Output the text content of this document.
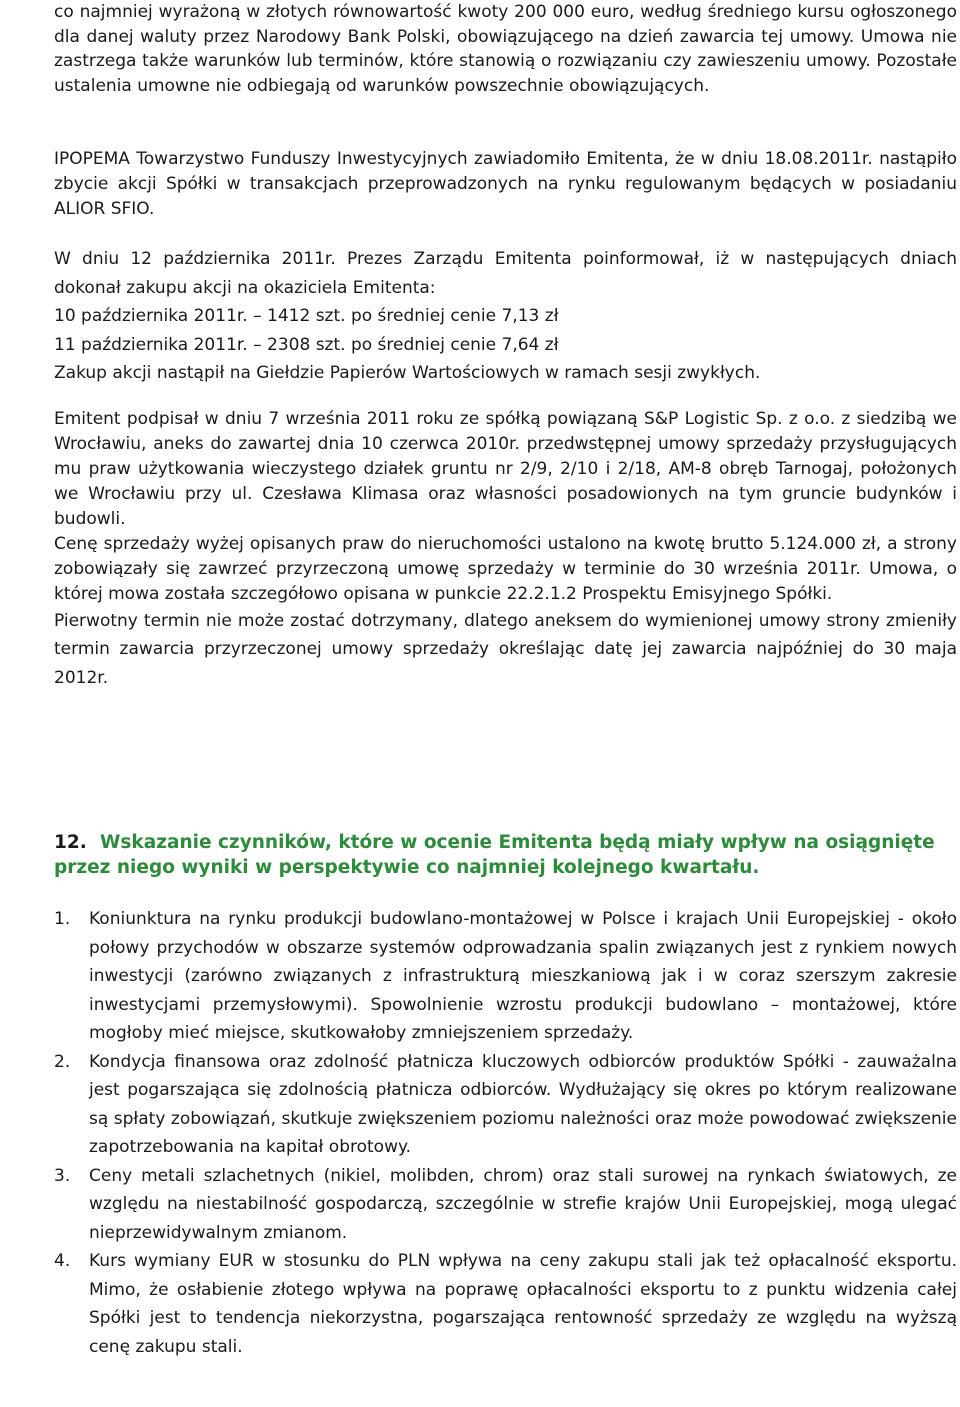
co najmniej wyrażoną w złotych równowartość kwoty 200 000 euro, według średniego kursu ogłoszonego dla danej waluty przez Narodowy Bank Polski, obowiązującego na dzień zawarcia tej umowy. Umowa nie zastrzega także warunków lub terminów, które stanowią o rozwiązaniu czy zawieszeniu umowy. Pozostałe ustalenia umowne nie odbiegają od warunków powszechnie obowiązujących.

IPOPEMA Towarzystwo Funduszy Inwestycyjnych zawiadomiło Emitenta, że w dniu 18.08.2011r. nastąpiło zbycie akcji Spółki w transakcjach przeprowadzonych na rynku regulowanym będących w posiadaniu ALIOR SFIO.

W dniu 12 października 2011r. Prezes Zarządu Emitenta poinformował, iż w następujących dniach dokonał zakupu akcji na okaziciela Emitenta:

10 października 2011r. – 1412 szt. po średniej cenie 7,13 zł

11 października 2011r. – 2308 szt. po średniej cenie 7,64 zł

Zakup akcji nastąpił na Giełdzie Papierów Wartościowych w ramach sesji zwykłych.

Emitent podpisał w dniu 7 września 2011 roku ze spółką powiązaną S&P Logistic Sp. z o.o. z siedzibą we Wrocławiu, aneks do zawartej dnia 10 czerwca 2010r. przedwstępnej umowy sprzedaży przysługujących mu praw użytkowania wieczystego działek gruntu nr 2/9, 2/10 i 2/18, AM-8 obręb Tarnogaj, położonych we Wrocławiu przy ul. Czesława Klimasa oraz własności posadowionych na tym gruncie budynków i budowli.

Cenę sprzedaży wyżej opisanych praw do nieruchomości ustalono na kwotę brutto 5.124.000 zł, a strony zobowiązały się zawrzeć przyrzeczoną umowę sprzedaży w terminie do 30 września 2011r. Umowa, o której mowa została szczegółowo opisana w punkcie 22.2.1.2 Prospektu Emisyjnego Spółki.

Pierwotny termin nie może zostać dotrzymany, dlatego aneksem do wymienionej umowy strony zmieniły termin zawarcia przyrzeczonej umowy sprzedaży określając datę jej zawarcia najpóźniej do 30 maja 2012r.

12. Wskazanie czynników, które w ocenie Emitenta będą miały wpływ na osiągnięte przez niego wyniki w perspektywie co najmniej kolejnego kwartału.
1. Koniunktura na rynku produkcji budowlano-montażowej w Polsce i krajach Unii Europejskiej - około połowy przychodów w obszarze systemów odprowadzania spalin związanych jest z rynkiem nowych inwestycji (zarówno związanych z infrastrukturą mieszkaniową jak i w coraz szerszym zakresie inwestycjami przemysłowymi). Spowolnienie wzrostu produkcji budowlano – montażowej, które mogłoby mieć miejsce, skutkowałoby zmniejszeniem sprzedaży.
2. Kondycja finansowa oraz zdolność płatnicza kluczowych odbiorców produktów Spółki - zauważalna jest pogarszająca się zdolnością płatnicza odbiorców. Wydłużający się okres po którym realizowane są spłaty zobowiązań, skutkuje zwiększeniem poziomu należności oraz może powodować zwiększenie zapotrzebowania na kapitał obrotowy.
3. Ceny metali szlachetnych (nikiel, molibden, chrom) oraz stali surowej na rynkach światowych, ze względu na niestabilność gospodarczą, szczególnie w strefie krajów Unii Europejskiej, mogą ulegać nieprzewidywalnym zmianom.
4. Kurs wymiany EUR w stosunku do PLN wpływa na ceny zakupu stali jak też opłacalność eksportu. Mimo, że osłabienie złotego wpływa na poprawę opłacalności eksportu to z punktu widzenia całej Spółki jest to tendencja niekorzystna, pogarszająca rentowność sprzedaży ze względu na wyższą cenę zakupu stali.
